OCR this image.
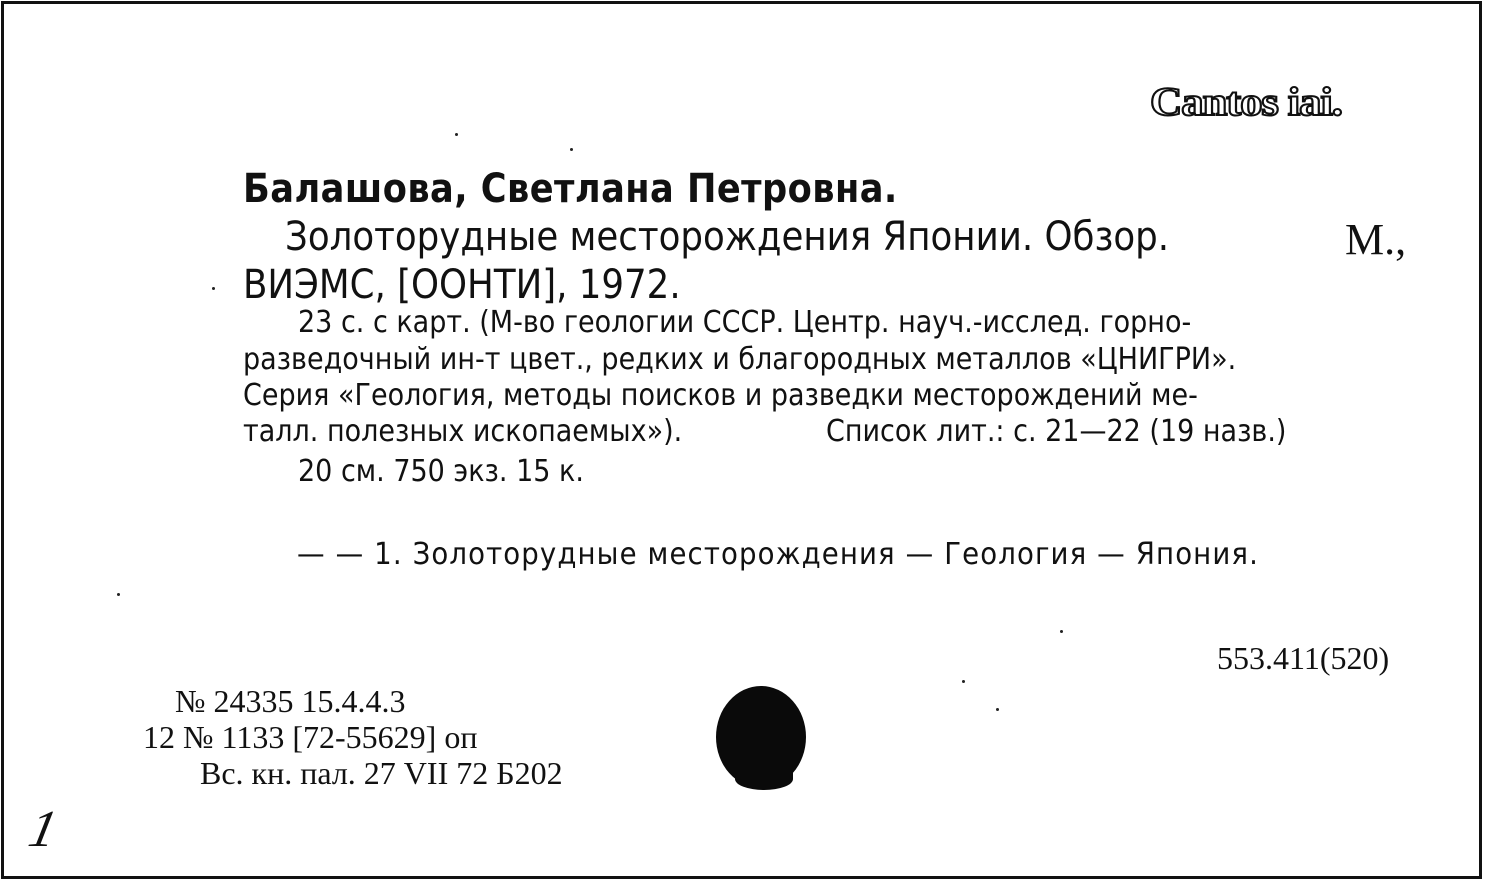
Cantos iai.
Балашова, Светлана Петровна.
Золоторудные месторождения Японии. Обзор.	М.,
ВИЭМС, [ООНТИ], 1972.
23 с. с карт. (М-во геологии СССР. Центр. науч.-исслед. горно-
разведочный ин-т цвет., редких и благородных металлов «ЦНИГРИ».
Серия «Геология, методы поисков и разведки месторождений ме-
талл. полезных ископаемых»).	Список лит.: с. 21—22 (19 назв.)
20 см. 750 экз. 15 к.
— — 1. Золоторудные месторождения — Геология — Япония.
553.411(520)
№ 24335 15.4.4.3
12 № 1133 [72-55629] оп
Вс. кн. пал. 27 VII 72 Б202
1
